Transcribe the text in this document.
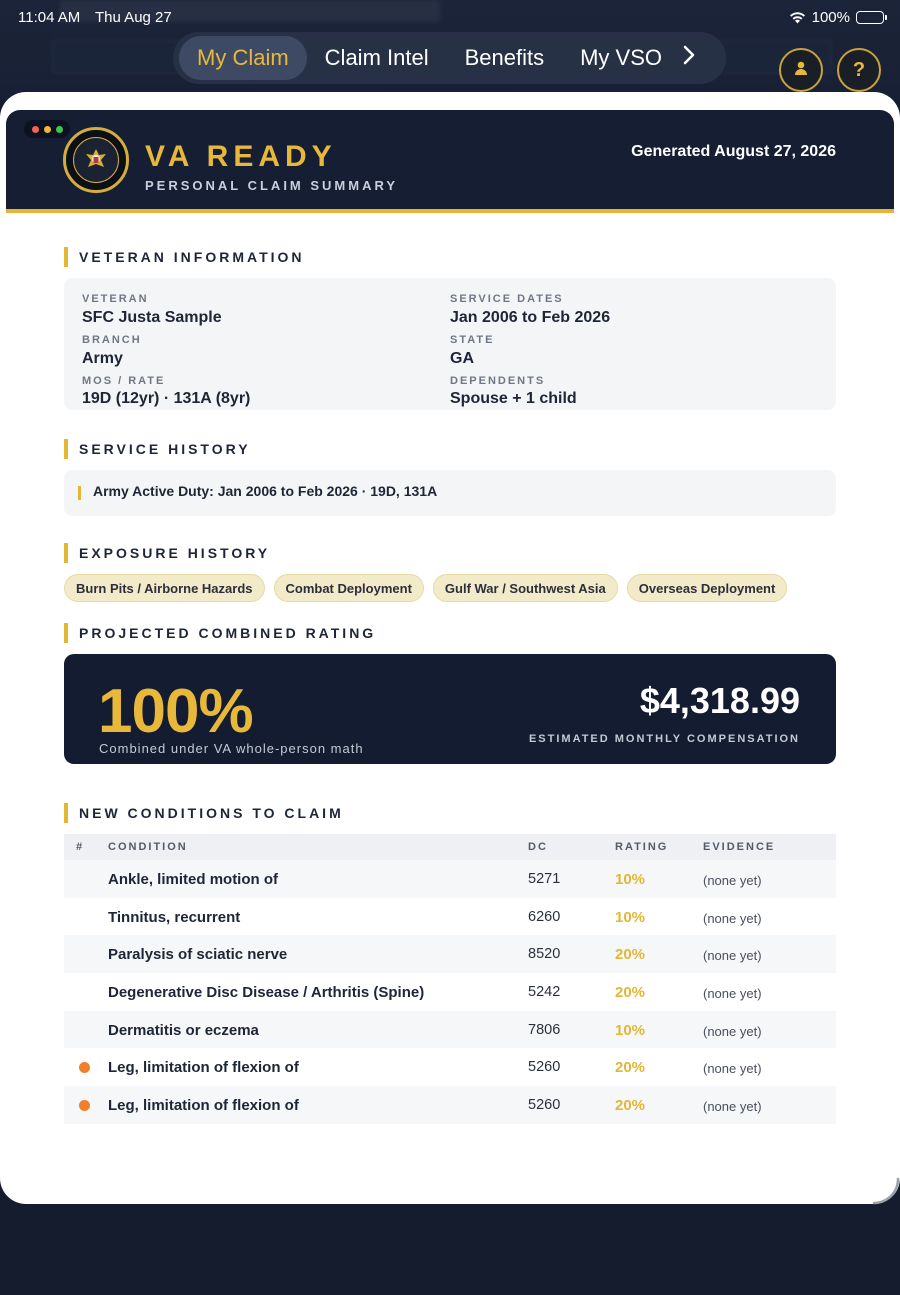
11:04 AM Thu Aug 27	100%
My Claim	Claim Intel	Benefits	My VSO	?
VA READY
PERSONAL CLAIM SUMMARY
Generated August 27, 2026
VETERAN INFORMATION
VETERAN
SFC Justa Sample
SERVICE DATES
Jan 2006 to Feb 2026
BRANCH
Army
STATE
GA
MOS / RATE
19D (12yr) · 131A (8yr)
DEPENDENTS
Spouse + 1 child
SERVICE HISTORY
Army Active Duty: Jan 2006 to Feb 2026 · 19D, 131A
EXPOSURE HISTORY
Burn Pits / Airborne Hazards	Combat Deployment	Gulf War / Southwest Asia	Overseas Deployment
PROJECTED COMBINED RATING
100%
Combined under VA whole-person math
$4,318.99
ESTIMATED MONTHLY COMPENSATION
NEW CONDITIONS TO CLAIM
# CONDITION	DC	RATING	EVIDENCE
Ankle, limited motion of	5271	10%	(none yet)
Tinnitus, recurrent	6260	10%	(none yet)
Paralysis of sciatic nerve	8520	20%	(none yet)
Degenerative Disc Disease / Arthritis (Spine)	5242	20%	(none yet)
Dermatitis or eczema	7806	10%	(none yet)
Leg, limitation of flexion of	5260	20%	(none yet)
Leg, limitation of flexion of	5260	20%	(none yet)
